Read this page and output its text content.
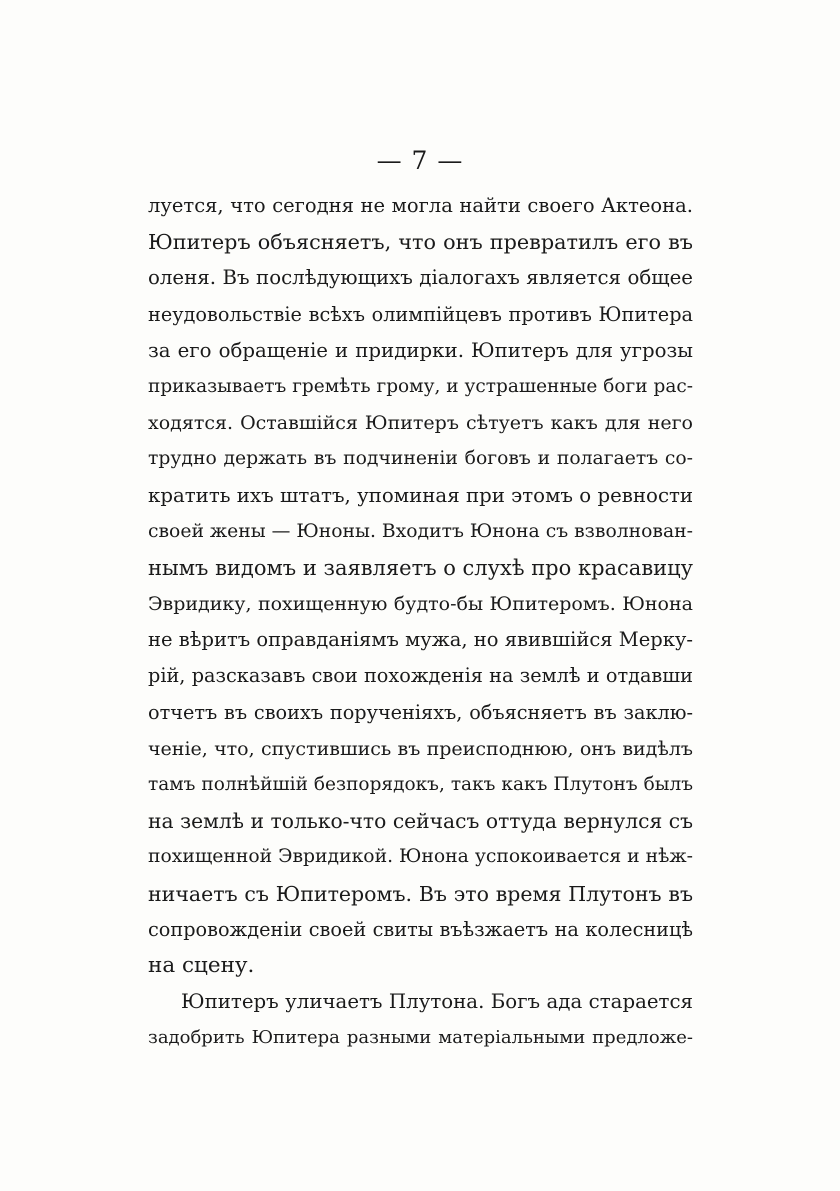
— 7 —
луется, что сегодня не могла найти своего Актеона.
Юпитеръ объясняетъ, что онъ превратилъ его въ
оленя. Въ послѣдующихъ діалогахъ является общее
неудовольствіе всѣхъ олимпійцевъ противъ Юпитера
за его обращеніе и придирки. Юпитеръ для угрозы
приказываетъ гремѣть грому, и устрашенные боги рас-
ходятся. Оставшійся Юпитеръ сѣтуетъ какъ для него
трудно держать въ подчиненіи боговъ и полагаетъ со-
кратить ихъ штатъ, упоминая при этомъ о ревности
своей жены — Юноны. Входитъ Юнона съ взволнован-
нымъ видомъ и заявляетъ о слухѣ про красавицу
Эвридику, похищенную будто-бы Юпитеромъ. Юнона
не вѣритъ оправданіямъ мужа, но явившійся Мерку-
рій, разсказавъ свои похожденія на землѣ и отдавши
отчетъ въ своихъ порученіяхъ, объясняетъ въ заклю-
ченіе, что, спустившись въ преисподнюю, онъ видѣлъ
тамъ полнѣйшій безпорядокъ, такъ какъ Плутонъ былъ
на землѣ и только-что сейчасъ оттуда вернулся съ
похищенной Эвридикой. Юнона успокоивается и нѣж-
ничаетъ съ Юпитеромъ. Въ это время Плутонъ въ
сопровожденіи своей свиты въѣзжаетъ на колесницѣ
на сцену.
Юпитеръ уличаетъ Плутона. Богъ ада старается
задобрить Юпитера разными матеріальными предложе-
